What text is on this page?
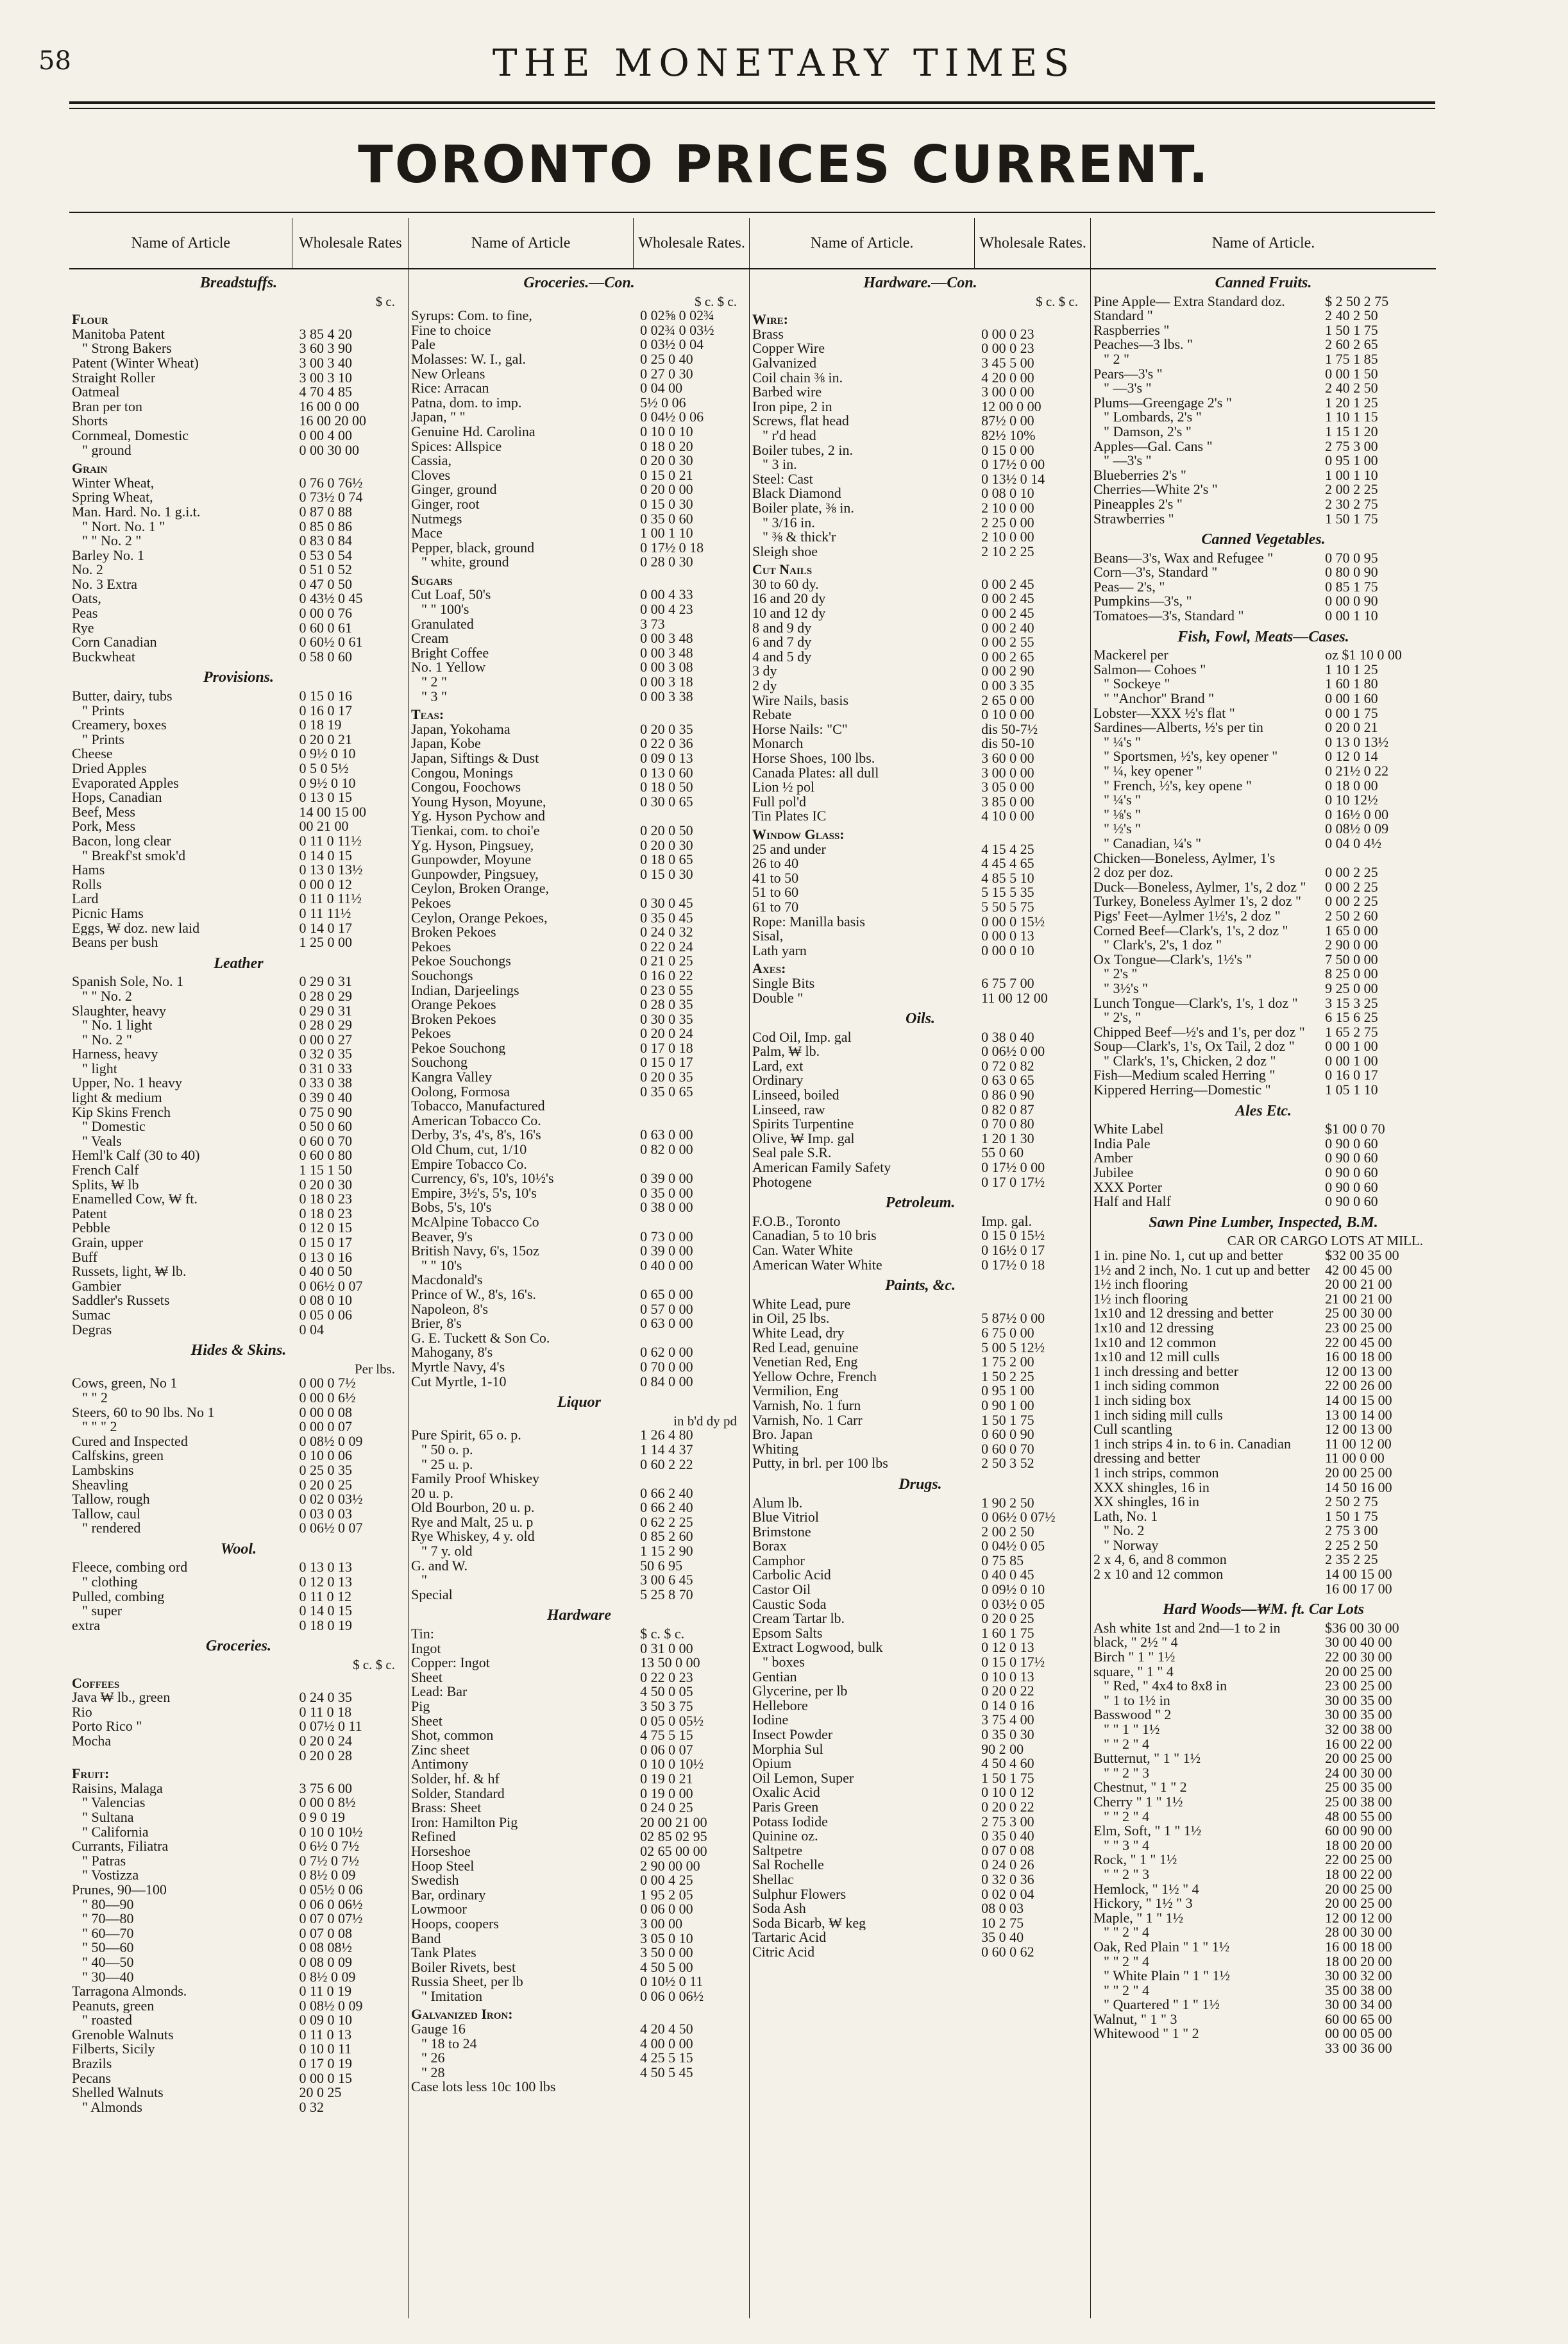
58	THE MONETARY TIMES
TORONTO PRICES CURRENT.
Name of Article	Wholesale Rates
Breadstuffs.
$ c.
Flour
Manitoba Patent	3 85 4 20
" Strong Bakers	3 60 3 90
Patent (Winter Wheat)	3 00 3 40
Straight Roller	3 00 3 10
Oatmeal	4 70 4 85
Bran per ton	16 00 0 00
Shorts	16 00 20 00
Cornmeal, Domestic	0 00 4 00
" ground	0 00 30 00
Grain
Winter Wheat,	0 76 0 76½
Spring Wheat,	0 73½ 0 74
Man. Hard. No. 1 g.i.t.	0 87 0 88
" Nort. No. 1 "	0 85 0 86
" " No. 2 "	0 83 0 84
Barley No. 1	0 53 0 54
No. 2	0 51 0 52
No. 3 Extra	0 47 0 50
Oats,	0 43½ 0 45
Peas	0 00 0 76
Rye	0 60 0 61
Corn Canadian	0 60½ 0 61
Buckwheat	0 58 0 60
Provisions.
Butter, dairy, tubs	0 15 0 16
" Prints	0 16 0 17
Creamery, boxes	0 18 19
" Prints	0 20 0 21
Cheese	0 9½ 0 10
Dried Apples	0 5 0 5½
Evaporated Apples	0 9½ 0 10
Hops, Canadian	0 13 0 15
Beef, Mess	14 00 15 00
Pork, Mess	00 21 00
Bacon, long clear	0 11 0 11½
" Breakf'st smok'd	0 14 0 15
Hams	0 13 0 13½
Rolls	0 00 0 12
Lard	0 11 0 11½
Picnic Hams	0 11 11½
Eggs, ₩ doz. new laid	0 14 0 17
Beans per bush	1 25 0 00
Leather
Spanish Sole, No. 1	0 29 0 31
" " No. 2	0 28 0 29
Slaughter, heavy	0 29 0 31
" No. 1 light	0 28 0 29
" No. 2 "	0 00 0 27
Harness, heavy	0 32 0 35
" light	0 31 0 33
Upper, No. 1 heavy	0 33 0 38
light & medium	0 39 0 40
Kip Skins French	0 75 0 90
" Domestic	0 50 0 60
" Veals	0 60 0 70
Heml'k Calf (30 to 40)	0 60 0 80
French Calf	1 15 1 50
Splits, ₩ lb	0 20 0 30
Enamelled Cow, ₩ ft.	0 18 0 23
Patent	0 18 0 23
Pebble	0 12 0 15
Grain, upper	0 15 0 17
Buff	0 13 0 16
Russets, light, ₩ lb.	0 40 0 50
Gambier	0 06½ 0 07
Saddler's Russets	0 08 0 10
Sumac	0 05 0 06
Degras	0 04
Hides & Skins.
Per lbs.
Cows, green, No 1	0 00 0 7½
" " 2	0 00 0 6½
Steers, 60 to 90 lbs. No 1	0 00 0 08
" " " 2	0 00 0 07
Cured and Inspected	0 08½ 0 09
Calfskins, green	0 10 0 06
Lambskins	0 25 0 35
Sheavling	0 20 0 25
Tallow, rough	0 02 0 03½
Tallow, caul	0 03 0 03
" rendered	0 06½ 0 07
Wool.
Fleece, combing ord	0 13 0 13
" clothing	0 12 0 13
Pulled, combing	0 11 0 12
" super	0 14 0 15
extra	0 18 0 19
Groceries.
$ c. $ c.
Coffees
Java ₩ lb., green	0 24 0 35
Rio	0 11 0 18
Porto Rico "	0 07½ 0 11
Mocha	0 20 0 24
0 20 0 28
Fruit:
Raisins, Malaga	3 75 6 00
" Valencias	0 00 0 8½
" Sultana	0 9 0 19
" California	0 10 0 10½
Currants, Filiatra	0 6½ 0 7½
" Patras	0 7½ 0 7½
" Vostizza	0 8½ 0 09
Prunes, 90—100	0 05½ 0 06
" 80—90	0 06 0 06½
" 70—80	0 07 0 07½
" 60—70	0 07 0 08
" 50—60	0 08 08½
" 40—50	0 08 0 09
" 30—40	0 8½ 0 09
Tarragona Almonds.	0 11 0 19
Peanuts, green	0 08½ 0 09
" roasted	0 09 0 10
Grenoble Walnuts	0 11 0 13
Filberts, Sicily	0 10 0 11
Brazils	0 17 0 19
Pecans	0 00 0 15
Shelled Walnuts	20 0 25
" Almonds	0 32
Name of Article	Wholesale Rates.
Groceries.—Con.
$ c. $ c.
Syrups: Com. to fine,	0 02⅝ 0 02¾
Fine to choice	0 02¾ 0 03½
Pale	0 03½ 0 04
Molasses: W. I., gal.	0 25 0 40
New Orleans	0 27 0 30
Rice: Arracan	0 04 00
Patna, dom. to imp.	5½ 0 06
Japan, " "	0 04½ 0 06
Genuine Hd. Carolina	0 10 0 10
Spices: Allspice	0 18 0 20
Cassia,	0 20 0 30
Cloves	0 15 0 21
Ginger, ground	0 20 0 00
Ginger, root	0 15 0 30
Nutmegs	0 35 0 60
Mace	1 00 1 10
Pepper, black, ground	0 17½ 0 18
" white, ground	0 28 0 30
Sugars
Cut Loaf, 50's	0 00 4 33
" " 100's	0 00 4 23
Granulated	3 73
Cream	0 00 3 48
Bright Coffee	0 00 3 48
No. 1 Yellow	0 00 3 08
" 2 "	0 00 3 18
" 3 "	0 00 3 38
Teas:
Japan, Yokohama	0 20 0 35
Japan, Kobe	0 22 0 36
Japan, Siftings & Dust	0 09 0 13
Congou, Monings	0 13 0 60
Congou, Foochows	0 18 0 50
Young Hyson, Moyune,	0 30 0 65
Yg. Hyson Pychow and
Tienkai, com. to choi'e	0 20 0 50
Yg. Hyson, Pingsuey,	0 20 0 30
Gunpowder, Moyune	0 18 0 65
Gunpowder, Pingsuey,	0 15 0 30
Ceylon, Broken Orange,
Pekoes	0 30 0 45
Ceylon, Orange Pekoes,	0 35 0 45
Broken Pekoes	0 24 0 32
Pekoes	0 22 0 24
Pekoe Souchongs	0 21 0 25
Souchongs	0 16 0 22
Indian, Darjeelings	0 23 0 55
Orange Pekoes	0 28 0 35
Broken Pekoes	0 30 0 35
Pekoes	0 20 0 24
Pekoe Souchong	0 17 0 18
Souchong	0 15 0 17
Kangra Valley	0 20 0 35
Oolong, Formosa	0 35 0 65
Tobacco, Manufactured
American Tobacco Co.
Derby, 3's, 4's, 8's, 16's	0 63 0 00
Old Chum, cut, 1/10	0 82 0 00
Empire Tobacco Co.
Currency, 6's, 10's, 10½'s	0 39 0 00
Empire, 3½'s, 5's, 10's	0 35 0 00
Bobs, 5's, 10's	0 38 0 00
McAlpine Tobacco Co
Beaver, 9's	0 73 0 00
British Navy, 6's, 15oz	0 39 0 00
" " 10's	0 40 0 00
Macdonald's
Prince of W., 8's, 16's.	0 65 0 00
Napoleon, 8's	0 57 0 00
Brier, 8's	0 63 0 00
G. E. Tuckett & Son Co.
Mahogany, 8's	0 62 0 00
Myrtle Navy, 4's	0 70 0 00
Cut Myrtle, 1-10	0 84 0 00
Liquor
in b'd dy pd
Pure Spirit, 65 o. p.	1 26 4 80
" 50 o. p.	1 14 4 37
" 25 u. p.	0 60 2 22
Family Proof Whiskey
20 u. p.	0 66 2 40
Old Bourbon, 20 u. p.	0 66 2 40
Rye and Malt, 25 u. p	0 62 2 25
Rye Whiskey, 4 y. old	0 85 2 60
" 7 y. old	1 15 2 90
G. and W.	50 6 95
"	3 00 6 45
Special	5 25 8 70
Hardware
Tin:	$ c. $ c.
Ingot	0 31 0 00
Copper: Ingot	13 50 0 00
Sheet	0 22 0 23
Lead: Bar	4 50 0 05
Pig	3 50 3 75
Sheet	0 05 0 05½
Shot, common	4 75 5 15
Zinc sheet	0 06 0 07
Antimony	0 10 0 10½
Solder, hf. & hf	0 19 0 21
Solder, Standard	0 19 0 00
Brass: Sheet	0 24 0 25
Iron: Hamilton Pig	20 00 21 00
Refined	02 85 02 95
Horseshoe	02 65 00 00
Hoop Steel	2 90 00 00
Swedish	0 00 4 25
Bar, ordinary	1 95 2 05
Lowmoor	0 06 0 00
Hoops, coopers	3 00 00
Band	3 05 0 10
Tank Plates	3 50 0 00
Boiler Rivets, best	4 50 5 00
Russia Sheet, per lb	0 10½ 0 11
" Imitation	0 06 0 06½
Galvanized Iron:
Gauge 16	4 20 4 50
" 18 to 24	4 00 0 00
" 26	4 25 5 15
" 28	4 50 5 45
Case lots less 10c 100 lbs
Name of Article.	Wholesale Rates.
Hardware.—Con.
$ c. $ c.
Wire:
Brass	0 00 0 23
Copper Wire	0 00 0 23
Galvanized	3 45 5 00
Coil chain ⅜ in.	4 20 0 00
Barbed wire	3 00 0 00
Iron pipe, 2 in	12 00 0 00
Screws, flat head	87½ 0 00
" r'd head	82½ 10%
Boiler tubes, 2 in.	0 15 0 00
" 3 in.	0 17½ 0 00
Steel: Cast	0 13½ 0 14
Black Diamond	0 08 0 10
Boiler plate, ⅜ in.	2 10 0 00
" 3/16 in.	2 25 0 00
" ⅜ & thick'r	2 10 0 00
Sleigh shoe	2 10 2 25
Cut Nails
30 to 60 dy.	0 00 2 45
16 and 20 dy	0 00 2 45
10 and 12 dy	0 00 2 45
8 and 9 dy	0 00 2 40
6 and 7 dy	0 00 2 55
4 and 5 dy	0 00 2 65
3 dy	0 00 2 90
2 dy	0 00 3 35
Wire Nails, basis	2 65 0 00
Rebate	0 10 0 00
Horse Nails: "C"	dis 50-7½
Monarch	dis 50-10
Horse Shoes, 100 lbs.	3 60 0 00
Canada Plates: all dull	3 00 0 00
Lion ½ pol	3 05 0 00
Full pol'd	3 85 0 00
Tin Plates IC	4 10 0 00
Window Glass:
25 and under	4 15 4 25
26 to 40	4 45 4 65
41 to 50	4 85 5 10
51 to 60	5 15 5 35
61 to 70	5 50 5 75
Rope: Manilla basis	0 00 0 15½
Sisal,	0 00 0 13
Lath yarn	0 00 0 10
Axes:
Single Bits	6 75 7 00
Double "	11 00 12 00
Oils.
Cod Oil, Imp. gal	0 38 0 40
Palm, ₩ lb.	0 06½ 0 00
Lard, ext	0 72 0 82
Ordinary	0 63 0 65
Linseed, boiled	0 86 0 90
Linseed, raw	0 82 0 87
Spirits Turpentine	0 70 0 80
Olive, ₩ Imp. gal	1 20 1 30
Seal pale S.R.	55 0 60
American Family Safety	0 17½ 0 00
Photogene	0 17 0 17½
Petroleum.
F.O.B., Toronto	Imp. gal.
Canadian, 5 to 10 bris	0 15 0 15½
Can. Water White	0 16½ 0 17
American Water White	0 17½ 0 18
Paints, &c.
White Lead, pure
in Oil, 25 lbs.	5 87½ 0 00
White Lead, dry	6 75 0 00
Red Lead, genuine	5 00 5 12½
Venetian Red, Eng	1 75 2 00
Yellow Ochre, French	1 50 2 25
Vermilion, Eng	0 95 1 00
Varnish, No. 1 furn	0 90 1 00
Varnish, No. 1 Carr	1 50 1 75
Bro. Japan	0 60 0 90
Whiting	0 60 0 70
Putty, in brl. per 100 lbs	2 50 3 52
Drugs.
Alum lb.	1 90 2 50
Blue Vitriol	0 06½ 0 07½
Brimstone	2 00 2 50
Borax	0 04½ 0 05
Camphor	0 75 85
Carbolic Acid	0 40 0 45
Castor Oil	0 09½ 0 10
Caustic Soda	0 03½ 0 05
Cream Tartar lb.	0 20 0 25
Epsom Salts	1 60 1 75
Extract Logwood, bulk	0 12 0 13
" boxes	0 15 0 17½
Gentian	0 10 0 13
Glycerine, per lb	0 20 0 22
Hellebore	0 14 0 16
Iodine	3 75 4 00
Insect Powder	0 35 0 30
Morphia Sul	90 2 00
Opium	4 50 4 60
Oil Lemon, Super	1 50 1 75
Oxalic Acid	0 10 0 12
Paris Green	0 20 0 22
Potass Iodide	2 75 3 00
Quinine oz.	0 35 0 40
Saltpetre	0 07 0 08
Sal Rochelle	0 24 0 26
Shellac	0 32 0 36
Sulphur Flowers	0 02 0 04
Soda Ash	08 0 03
Soda Bicarb, ₩ keg	10 2 75
Tartaric Acid	35 0 40
Citric Acid	0 60 0 62
Name of Article.
Canned Fruits.
Pine Apple— Extra Standard doz.	$ 2 50 2 75
Standard "	2 40 2 50
Raspberries "	1 50 1 75
Peaches—3 lbs. "	2 60 2 65
" 2 "	1 75 1 85
Pears—3's "	0 00 1 50
" —3's "	2 40 2 50
Plums—Greengage 2's "	1 20 1 25
" Lombards, 2's "	1 10 1 15
" Damson, 2's "	1 15 1 20
Apples—Gal. Cans "	2 75 3 00
" —3's "	0 95 1 00
Blueberries 2's "	1 00 1 10
Cherries—White 2's "	2 00 2 25
Pineapples 2's "	2 30 2 75
Strawberries "	1 50 1 75
Canned Vegetables.
Beans—3's, Wax and Refugee "	0 70 0 95
Corn—3's, Standard "	0 80 0 90
Peas— 2's, "	0 85 1 75
Pumpkins—3's, "	0 00 0 90
Tomatoes—3's, Standard "	0 00 1 10
Fish, Fowl, Meats—Cases.
Mackerel per	oz $1 10 0 00
Salmon— Cohoes "	1 10 1 25
" Sockeye "	1 60 1 80
" "Anchor" Brand "	0 00 1 60
Lobster—XXX ½'s flat "	0 00 1 75
Sardines—Alberts, ½'s per tin	0 20 0 21
" ¼'s "	0 13 0 13½
" Sportsmen, ½'s, key opener "	0 12 0 14
" ¼, key opener "	0 21½ 0 22
" French, ½'s, key opene "	0 18 0 00
" ¼'s "	0 10 12½
" ⅛'s "	0 16½ 0 00
" ½'s "	0 08½ 0 09
" Canadian, ¼'s "	0 04 0 4½
Chicken—Boneless, Aylmer, 1's
2 doz per doz.	0 00 2 25
Duck—Boneless, Aylmer, 1's, 2 doz "	0 00 2 25
Turkey, Boneless Aylmer 1's, 2 doz "	0 00 2 25
Pigs' Feet—Aylmer 1½'s, 2 doz "	2 50 2 60
Corned Beef—Clark's, 1's, 2 doz "	1 65 0 00
" Clark's, 2's, 1 doz "	2 90 0 00
Ox Tongue—Clark's, 1½'s "	7 50 0 00
" 2's "	8 25 0 00
" 3½'s "	9 25 0 00
Lunch Tongue—Clark's, 1's, 1 doz "	3 15 3 25
" 2's, "	6 15 6 25
Chipped Beef—½'s and 1's, per doz "	1 65 2 75
Soup—Clark's, 1's, Ox Tail, 2 doz "	0 00 1 00
" Clark's, 1's, Chicken, 2 doz "	0 00 1 00
Fish—Medium scaled Herring "	0 16 0 17
Kippered Herring—Domestic "	1 05 1 10
Ales Etc.
White Label	$1 00 0 70
India Pale	0 90 0 60
Amber	0 90 0 60
Jubilee	0 90 0 60
XXX Porter	0 90 0 60
Half and Half	0 90 0 60
Sawn Pine Lumber, Inspected, B.M.
CAR OR CARGO LOTS AT MILL.
1 in. pine No. 1, cut up and better	$32 00 35 00
1½ and 2 inch, No. 1 cut up and better	42 00 45 00
1½ inch flooring	20 00 21 00
1½ inch flooring	21 00 21 00
1x10 and 12 dressing and better	25 00 30 00
1x10 and 12 dressing	23 00 25 00
1x10 and 12 common	22 00 45 00
1x10 and 12 mill culls	16 00 18 00
1 inch dressing and better	12 00 13 00
1 inch siding common	22 00 26 00
1 inch siding box	14 00 15 00
1 inch siding mill culls	13 00 14 00
Cull scantling	12 00 13 00
1 inch strips 4 in. to 6 in. Canadian	11 00 12 00
dressing and better	11 00 0 00
1 inch strips, common	20 00 25 00
XXX shingles, 16 in	14 50 16 00
XX shingles, 16 in	2 50 2 75
Lath, No. 1	1 50 1 75
" No. 2	2 75 3 00
" Norway	2 25 2 50
2 x 4, 6, and 8 common	2 35 2 25
2 x 10 and 12 common	14 00 15 00
16 00 17 00
Hard Woods—₩M. ft. Car Lots
Ash white 1st and 2nd—1 to 2 in	$36 00 30 00
black, " 2½ " 4	30 00 40 00
Birch " 1 " 1½	22 00 30 00
square, " 1 " 4	20 00 25 00
" Red, " 4x4 to 8x8 in	23 00 25 00
" 1 to 1½ in	30 00 35 00
Basswood " 2	30 00 35 00
" " 1 " 1½	32 00 38 00
" " 2 " 4	16 00 22 00
Butternut, " 1 " 1½	20 00 25 00
" " 2 " 3	24 00 30 00
Chestnut, " 1 " 2	25 00 35 00
Cherry " 1 " 1½	25 00 38 00
" " 2 " 4	48 00 55 00
Elm, Soft, " 1 " 1½	60 00 90 00
" " 3 " 4	18 00 20 00
Rock, " 1 " 1½	22 00 25 00
" " 2 " 3	18 00 22 00
Hemlock, " 1½ " 4	20 00 25 00
Hickory, " 1½ " 3	20 00 25 00
Maple, " 1 " 1½	12 00 12 00
" " 2 " 4	28 00 30 00
Oak, Red Plain " 1 " 1½	16 00 18 00
" " 2 " 4	18 00 20 00
" White Plain " 1 " 1½	30 00 32 00
" " 2 " 4	35 00 38 00
" Quartered " 1 " 1½	30 00 34 00
Walnut, " 1 " 3	60 00 65 00
Whitewood " 1 " 2	00 00 05 00
33 00 36 00
